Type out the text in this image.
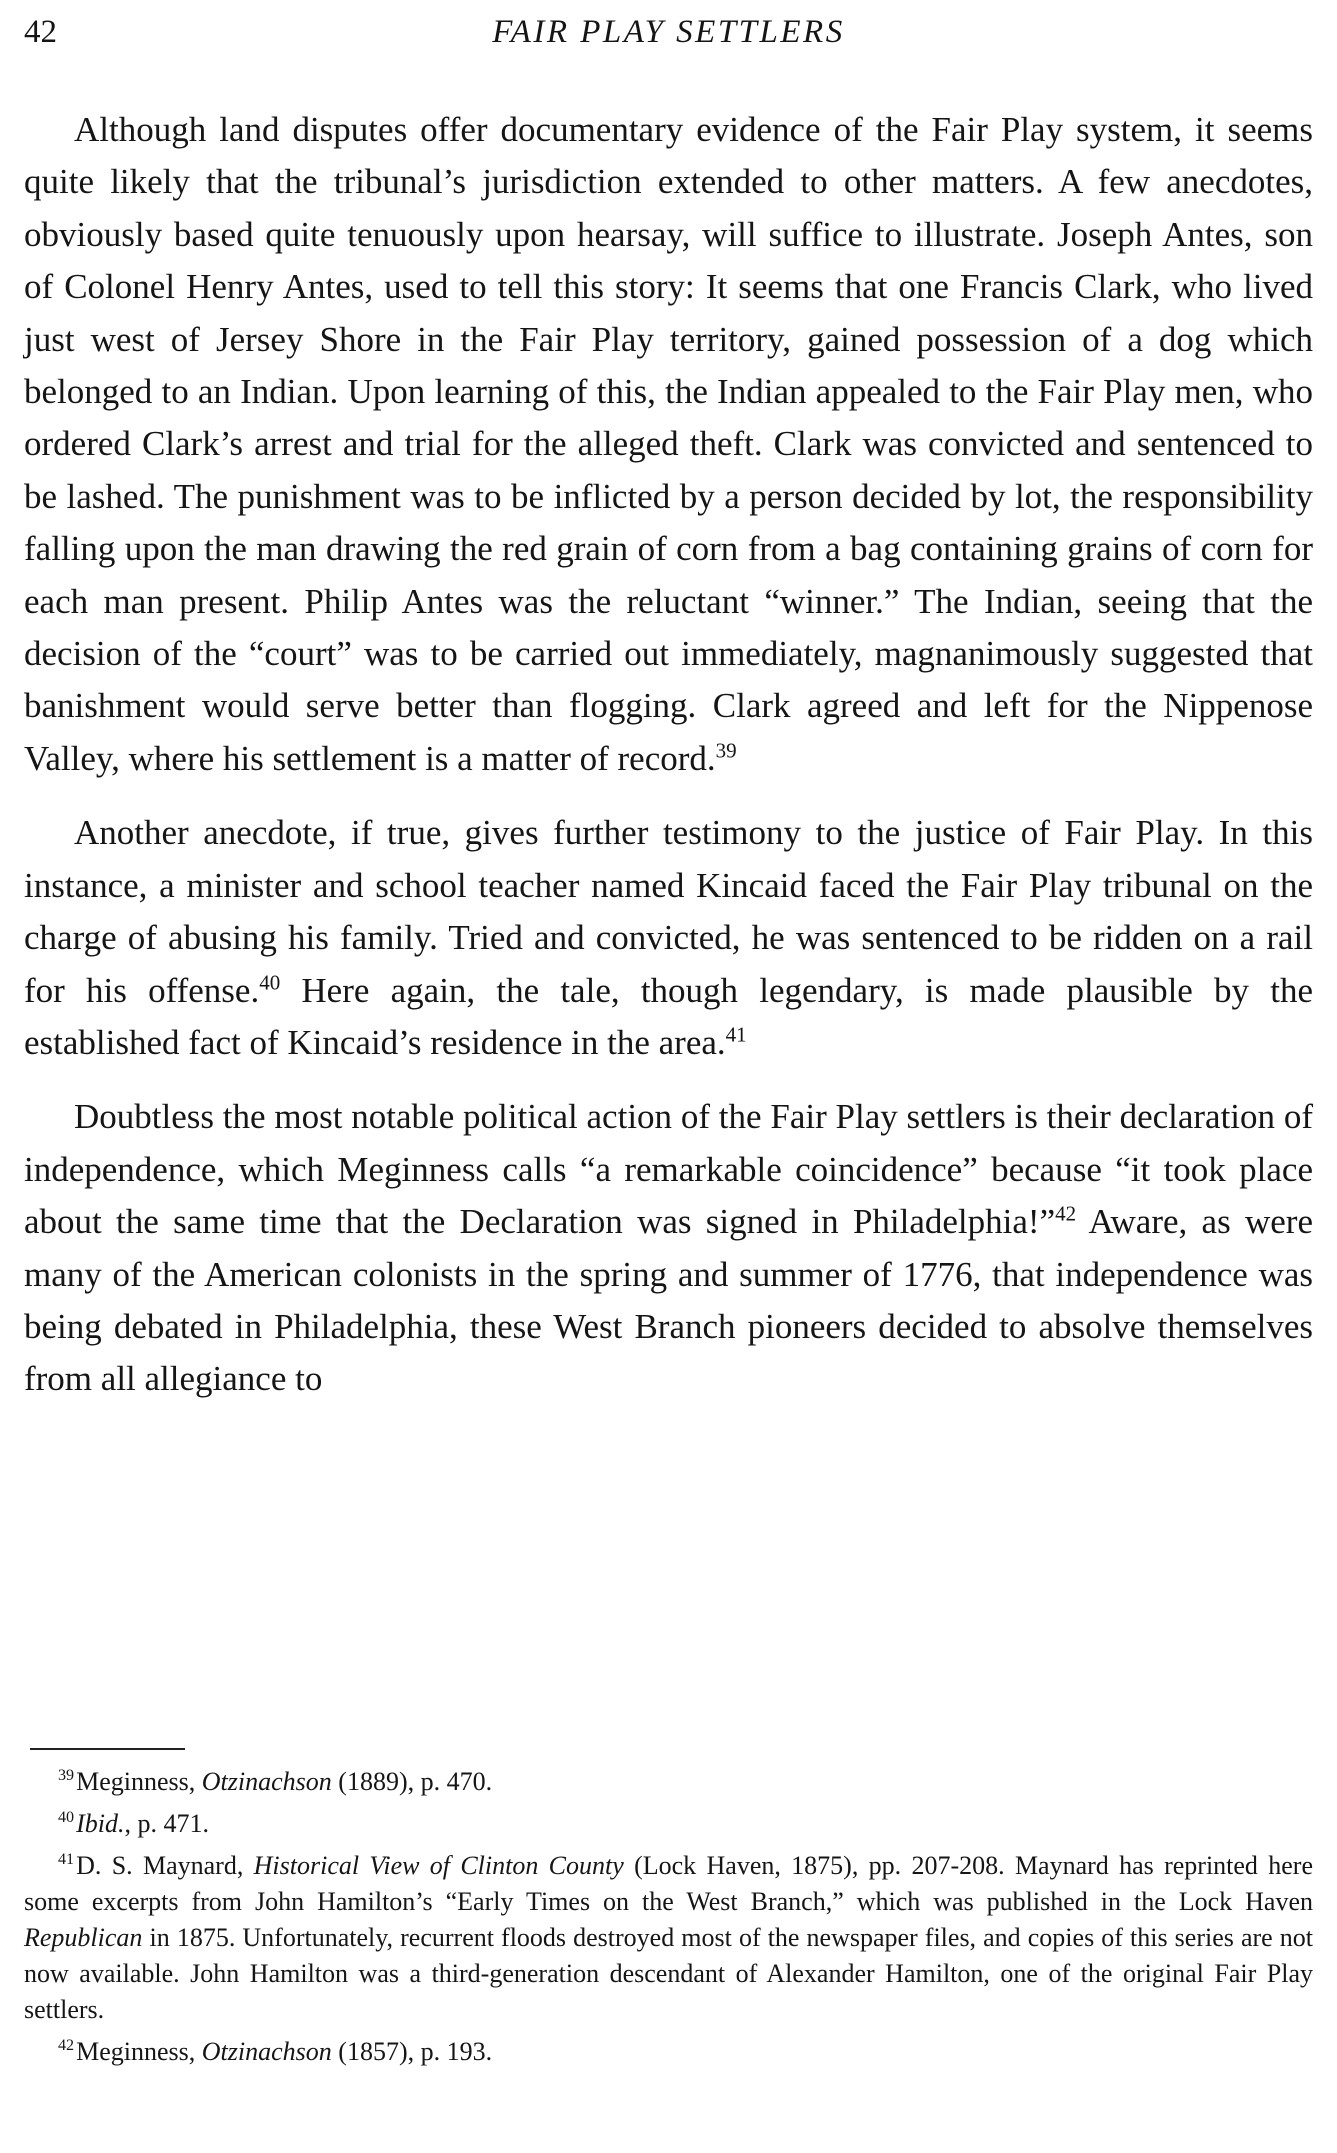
42	FAIR PLAY SETTLERS

Although land disputes offer documentary evidence of the Fair Play system, it seems quite likely that the tribunal’s jurisdiction extended to other matters. A few anecdotes, obviously based quite tenuously upon hearsay, will suffice to illustrate. Joseph Antes, son of Colonel Henry Antes, used to tell this story: It seems that one Francis Clark, who lived just west of Jersey Shore in the Fair Play territory, gained possession of a dog which belonged to an Indian. Upon learning of this, the Indian appealed to the Fair Play men, who ordered Clark’s arrest and trial for the alleged theft. Clark was convicted and sentenced to be lashed. The punishment was to be inflicted by a person decided by lot, the responsibility falling upon the man drawing the red grain of corn from a bag containing grains of corn for each man present. Philip Antes was the reluctant “winner.” The Indian, seeing that the decision of the “court” was to be carried out immediately, magnanimously suggested that banishment would serve better than flogging. Clark agreed and left for the Nippenose Valley, where his settlement is a matter of record.$^{39}$

Another anecdote, if true, gives further testimony to the justice of Fair Play. In this instance, a minister and school teacher named Kincaid faced the Fair Play tribunal on the charge of abusing his family. Tried and convicted, he was sentenced to be ridden on a rail for his offense.$^{40}$ Here again, the tale, though legendary, is made plausible by the established fact of Kincaid’s residence in the area.$^{41}$

Doubtless the most notable political action of the Fair Play settlers is their declaration of independence, which Meginness calls “a remarkable coincidence” because “it took place about the same time that the Declaration was signed in Philadelphia!”$^{42}$ Aware, as were many of the American colonists in the spring and summer of 1776, that independence was being debated in Philadelphia, these West Branch pioneers decided to absolve themselves from all allegiance to

$^{39}$Meginness, Otzinachson (1889), p. 470.

$^{40}$Ibid., p. 471.

$^{41}$D. S. Maynard, Historical View of Clinton County (Lock Haven, 1875), pp. 207-208. Maynard has reprinted here some excerpts from John Hamilton’s “Early Times on the West Branch,” which was published in the Lock Haven Republican in 1875. Unfortunately, recurrent floods destroyed most of the newspaper files, and copies of this series are not now available. John Hamilton was a third-generation descendant of Alexander Hamilton, one of the original Fair Play settlers.

$^{42}$Meginness, Otzinachson (1857), p. 193.
